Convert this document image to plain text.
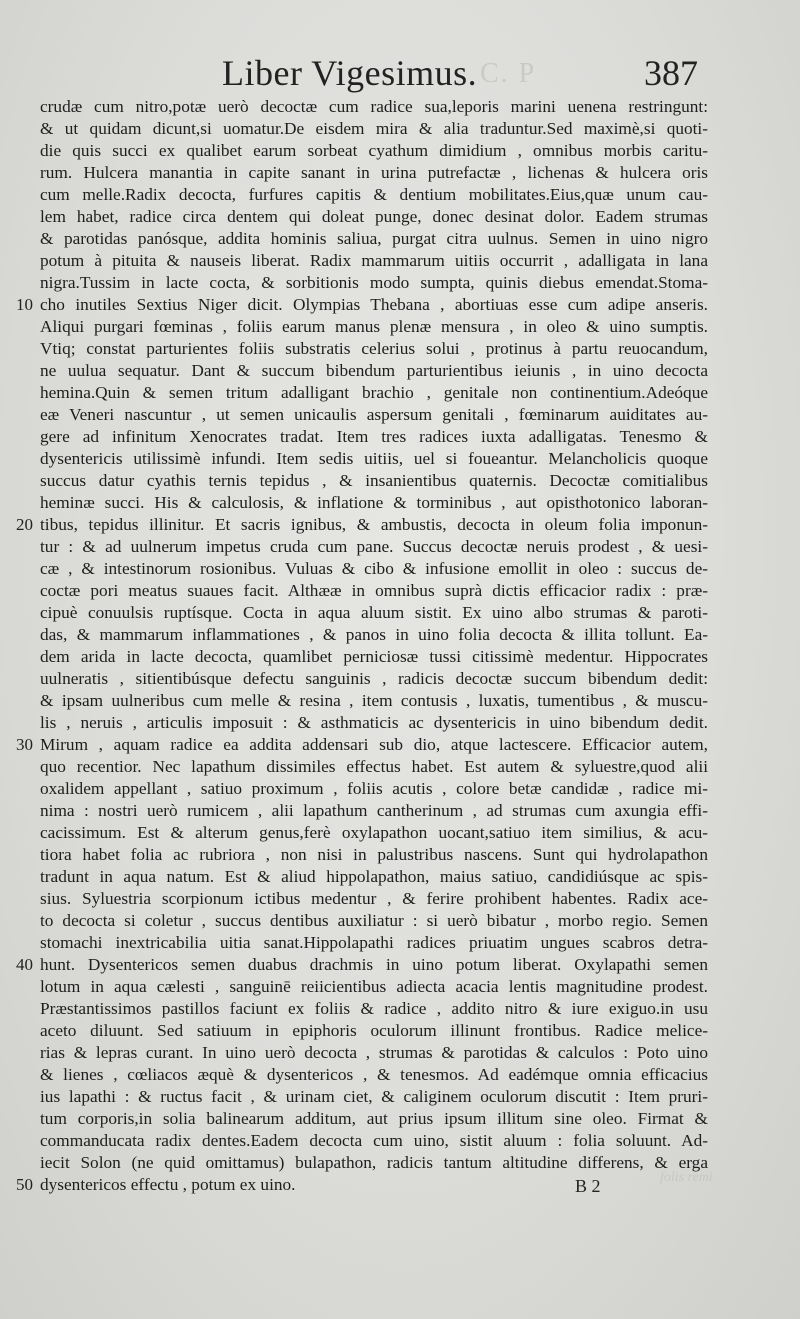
C. P
Liber Vigesimus.	387
crudæ cum nitro,potæ uerò decoctæ cum radice sua,leporis marini uenena restringunt:
& ut quidam dicunt,si uomatur.De eisdem mira & alia traduntur.Sed maximè,si quoti-
die quis succi ex qualibet earum sorbeat cyathum dimidium , omnibus morbis caritu-
rum. Hulcera manantia in capite sanant in urina putrefactæ , lichenas & hulcera oris
cum melle.Radix decocta, furfures capitis & dentium mobilitates.Eius,quæ unum cau-
lem habet, radice circa dentem qui doleat punge, donec desinat dolor. Eadem strumas
& parotidas panósque, addita hominis saliua, purgat citra uulnus. Semen in uino nigro
potum à pituita & nauseis liberat. Radix mammarum uitiis occurrit , adalligata in lana
nigra.Tussim in lacte cocta, & sorbitionis modo sumpta, quinis diebus emendat.Stoma-
cho inutiles Sextius Niger dicit. Olympias Thebana , abortiuas esse cum adipe anseris.
Aliqui purgari fœminas , foliis earum manus plenæ mensura , in oleo & uino sumptis.
Vtiq; constat parturientes foliis substratis celerius solui , protinus à partu reuocandum,
ne uulua sequatur. Dant & succum bibendum parturientibus ieiunis , in uino decocta
hemina.Quin & semen tritum adalligant brachio , genitale non continentium.Adeóque
eæ Veneri nascuntur , ut semen unicaulis aspersum genitali , fœminarum auiditates au-
gere ad infinitum Xenocrates tradat. Item tres radices iuxta adalligatas. Tenesmo &
dysentericis utilissimè infundi. Item sedis uitiis, uel si foueantur. Melancholicis quoque
succus datur cyathis ternis tepidus , & insanientibus quaternis. Decoctæ comitialibus
heminæ succi. His & calculosis, & inflatione & torminibus , aut opisthotonico laboran-
tibus, tepidus illinitur. Et sacris ignibus, & ambustis, decocta in oleum folia imponun-
tur : & ad uulnerum impetus cruda cum pane. Succus decoctæ neruis prodest , & uesi-
cæ , & intestinorum rosionibus. Vuluas & cibo & infusione emollit in oleo : succus de-
coctæ pori meatus suaues facit. Althææ in omnibus suprà dictis efficacior radix : præ-
cipuè conuulsis ruptísque. Cocta in aqua aluum sistit. Ex uino albo strumas & paroti-
das, & mammarum inflammationes , & panos in uino folia decocta & illita tollunt. Ea-
dem arida in lacte decocta, quamlibet perniciosæ tussi citissimè medentur. Hippocrates
uulneratis , sitientibúsque defectu sanguinis , radicis decoctæ succum bibendum dedit:
& ipsam uulneribus cum melle & resina , item contusis , luxatis, tumentibus , & muscu-
lis , neruis , articulis imposuit : & asthmaticis ac dysentericis in uino bibendum dedit.
Mirum , aquam radice ea addita addensari sub dio, atque lactescere. Efficacior autem,
quo recentior. Nec lapathum dissimiles effectus habet. Est autem & syluestre,quod alii
oxalidem appellant , satiuo proximum , foliis acutis , colore betæ candidæ , radice mi-
nima : nostri uerò rumicem , alii lapathum cantherinum , ad strumas cum axungia effi-
cacissimum. Est & alterum genus,ferè oxylapathon uocant,satiuo item similius, & acu-
tiora habet folia ac rubriora , non nisi in palustribus nascens. Sunt qui hydrolapathon
tradunt in aqua natum. Est & aliud hippolapathon, maius satiuo, candidiúsque ac spis-
sius. Syluestria scorpionum ictibus medentur , & ferire prohibent habentes. Radix ace-
to decocta si coletur , succus dentibus auxiliatur : si uerò bibatur , morbo regio. Semen
stomachi inextricabilia uitia sanat.Hippolapathi radices priuatim ungues scabros detra-
hunt. Dysentericos semen duabus drachmis in uino potum liberat. Oxylapathi semen
lotum in aqua cælesti , sanguinē reiicientibus adiecta acacia lentis magnitudine prodest.
Præstantissimos pastillos faciunt ex foliis & radice , addito nitro & iure exiguo.in usu
aceto diluunt. Sed satiuum in epiphoris oculorum illinunt frontibus. Radice melice-
rias & lepras curant. In uino uerò decocta , strumas & parotidas & calculos : Poto uino
& lienes , cœliacos æquè & dysentericos , & tenesmos. Ad eadémque omnia efficacius
ius lapathi : & ructus facit , & urinam ciet, & caliginem oculorum discutit : Item pruri-
tum corporis,in solia balinearum additum, aut prius ipsum illitum sine oleo. Firmat &
commanducata radix dentes.Eadem decocta cum uino, sistit aluum : folia soluunt. Ad-
iecit Solon (ne quid omittamus) bulapathon, radicis tantum altitudine differens, & erga
dysentericos effectu , potum ex uino.
10
20
30
40
50	folis remi
B 2
